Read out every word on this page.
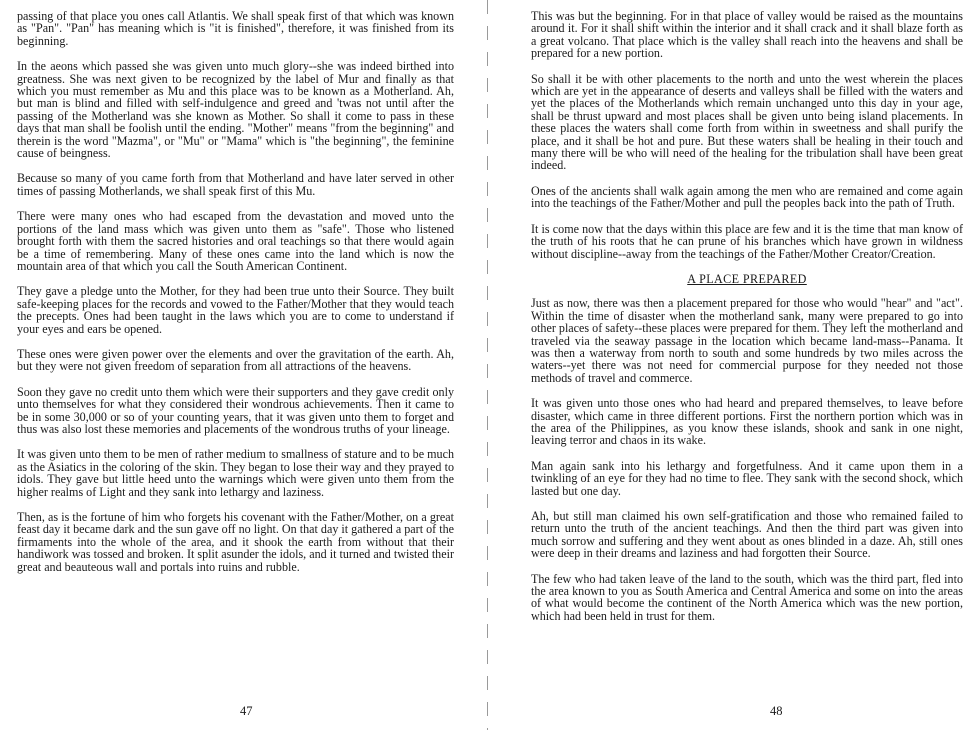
passing of that place you ones call Atlantis. We shall speak first of that which was known as "Pan". "Pan" has meaning which is "it is finished", therefore, it was finished from its beginning.

In the aeons which passed she was given unto much glory--she was indeed birthed into greatness. She was next given to be recognized by the label of Mur and finally as that which you must remember as Mu and this place was to be known as a Motherland. Ah, but man is blind and filled with self-indulgence and greed and 'twas not until after the passing of the Motherland was she known as Mother. So shall it come to pass in these days that man shall be foolish until the ending. "Mother" means "from the beginning" and therein is the word "Mazma", or "Mu" or "Mama" which is "the beginning", the feminine cause of beingness.

Because so many of you came forth from that Motherland and have later served in other times of passing Motherlands, we shall speak first of this Mu.

There were many ones who had escaped from the devastation and moved unto the portions of the land mass which was given unto them as "safe". Those who listened brought forth with them the sacred histories and oral teachings so that there would again be a time of remembering. Many of these ones came into the land which is now the mountain area of that which you call the South American Continent.

They gave a pledge unto the Mother, for they had been true unto their Source. They built safe-keeping places for the records and vowed to the Father/Mother that they would teach the precepts. Ones had been taught in the laws which you are to come to understand if your eyes and ears be opened.

These ones were given power over the elements and over the gravitation of the earth. Ah, but they were not given freedom of separation from all attractions of the heavens.

Soon they gave no credit unto them which were their supporters and they gave credit only unto themselves for what they considered their wondrous achievements. Then it came to be in some 30,000 or so of your counting years, that it was given unto them to forget and thus was also lost these memories and placements of the wondrous truths of your lineage.

It was given unto them to be men of rather medium to smallness of stature and to be much as the Asiatics in the coloring of the skin. They began to lose their way and they prayed to idols. They gave but little heed unto the warnings which were given unto them from the higher realms of Light and they sank into lethargy and laziness.

Then, as is the fortune of him who forgets his covenant with the Father/Mother, on a great feast day it became dark and the sun gave off no light. On that day it gathered a part of the firmaments into the whole of the area, and it shook the earth from without that their handiwork was tossed and broken. It split asunder the idols, and it turned and twisted their great and beauteous wall and portals into ruins and rubble.

47

This was but the beginning. For in that place of valley would be raised as the mountains around it. For it shall shift within the interior and it shall crack and it shall blaze forth as a great volcano. That place which is the valley shall reach into the heavens and shall be prepared for a new portion.

So shall it be with other placements to the north and unto the west wherein the places which are yet in the appearance of deserts and valleys shall be filled with the waters and yet the places of the Motherlands which remain unchanged unto this day in your age, shall be thrust upward and most places shall be given unto being island placements. In these places the waters shall come forth from within in sweetness and shall purify the place, and it shall be hot and pure. But these waters shall be healing in their touch and many there will be who will need of the healing for the tribulation shall have been great indeed.

Ones of the ancients shall walk again among the men who are remained and come again into the teachings of the Father/Mother and pull the peoples back into the path of Truth.

It is come now that the days within this place are few and it is the time that man know of the truth of his roots that he can prune of his branches which have grown in wildness without discipline--away from the teachings of the Father/Mother Creator/Creation.

A PLACE PREPARED

Just as now, there was then a placement prepared for those who would "hear" and "act". Within the time of disaster when the motherland sank, many were prepared to go into other places of safety--these places were prepared for them. They left the motherland and traveled via the seaway passage in the location which became land-mass--Panama. It was then a waterway from north to south and some hundreds by two miles across the waters--yet there was not need for commercial purpose for they needed not those methods of travel and commerce.

It was given unto those ones who had heard and prepared themselves, to leave before disaster, which came in three different portions. First the northern portion which was in the area of the Philippines, as you know these islands, shook and sank in one night, leaving terror and chaos in its wake.

Man again sank into his lethargy and forgetfulness. And it came upon them in a twinkling of an eye for they had no time to flee. They sank with the second shock, which lasted but one day.

Ah, but still man claimed his own self-gratification and those who remained failed to return unto the truth of the ancient teachings. And then the third part was given into much sorrow and suffering and they went about as ones blinded in a daze. Ah, still ones were deep in their dreams and laziness and had forgotten their Source.

The few who had taken leave of the land to the south, which was the third part, fled into the area known to you as South America and Central America and some on into the areas of what would become the continent of the North America which was the new portion, which had been held in trust for them.

48
